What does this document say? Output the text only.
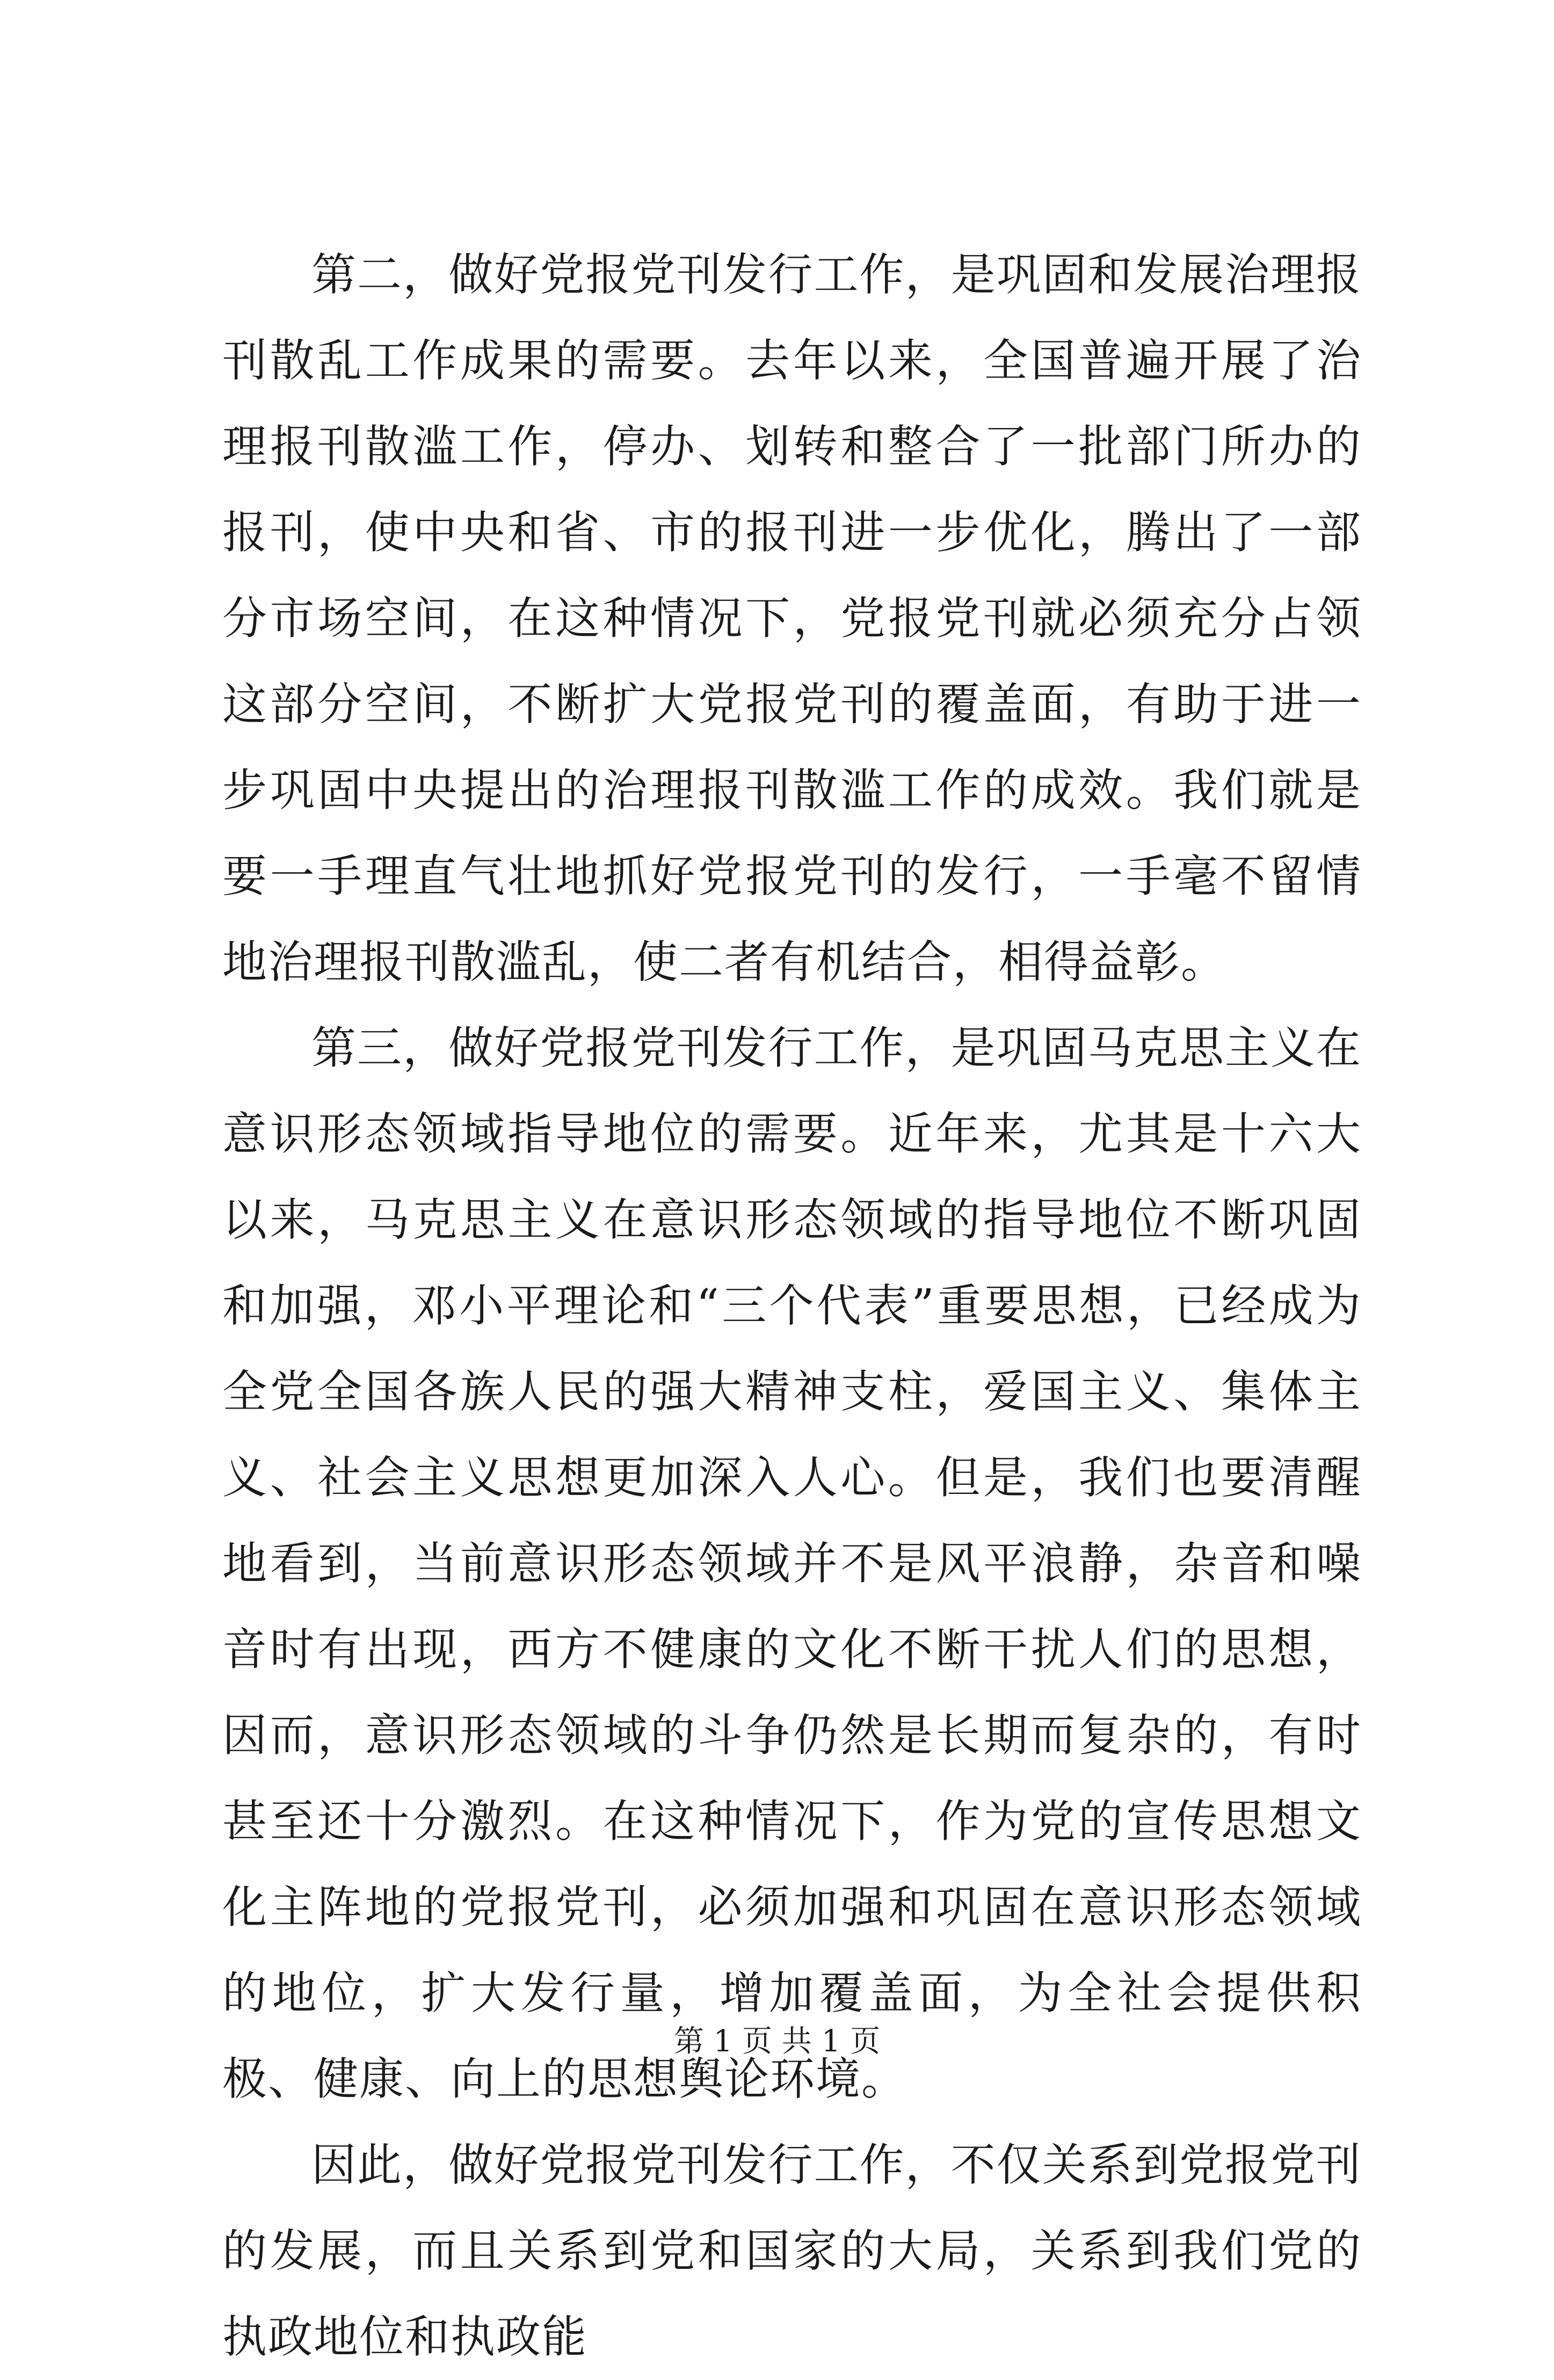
第二，做好党报党刊发行工作，是巩固和发展治理报刊散乱工作成果的需要。去年以来，全国普遍开展了治理报刊散滥工作，停办、划转和整合了一批部门所办的报刊，使中央和省、市的报刊进一步优化，腾出了一部分市场空间，在这种情况下，党报党刊就必须充分占领这部分空间，不断扩大党报党刊的覆盖面，有助于进一步巩固中央提出的治理报刊散滥工作的成效。我们就是要一手理直气壮地抓好党报党刊的发行，一手毫不留情地治理报刊散滥乱，使二者有机结合，相得益彰。

第三，做好党报党刊发行工作，是巩固马克思主义在意识形态领域指导地位的需要。近年来，尤其是十六大以来，马克思主义在意识形态领域的指导地位不断巩固和加强，邓小平理论和“三个代表”重要思想，已经成为全党全国各族人民的强大精神支柱，爱国主义、集体主义、社会主义思想更加深入人心。但是，我们也要清醒地看到，当前意识形态领域并不是风平浪静，杂音和噪音时有出现，西方不健康的文化不断干扰人们的思想，因而，意识形态领域的斗争仍然是长期而复杂的，有时甚至还十分激烈。在这种情况下，作为党的宣传思想文化主阵地的党报党刊，必须加强和巩固在意识形态领域的地位，扩大发行量，增加覆盖面，为全社会提供积极、健康、向上的思想舆论环境。

因此，做好党报党刊发行工作，不仅关系到党报党刊的发展，而且关系到党和国家的大局，关系到我们党的执政地位和执政能

第 1 页 共 1 页
